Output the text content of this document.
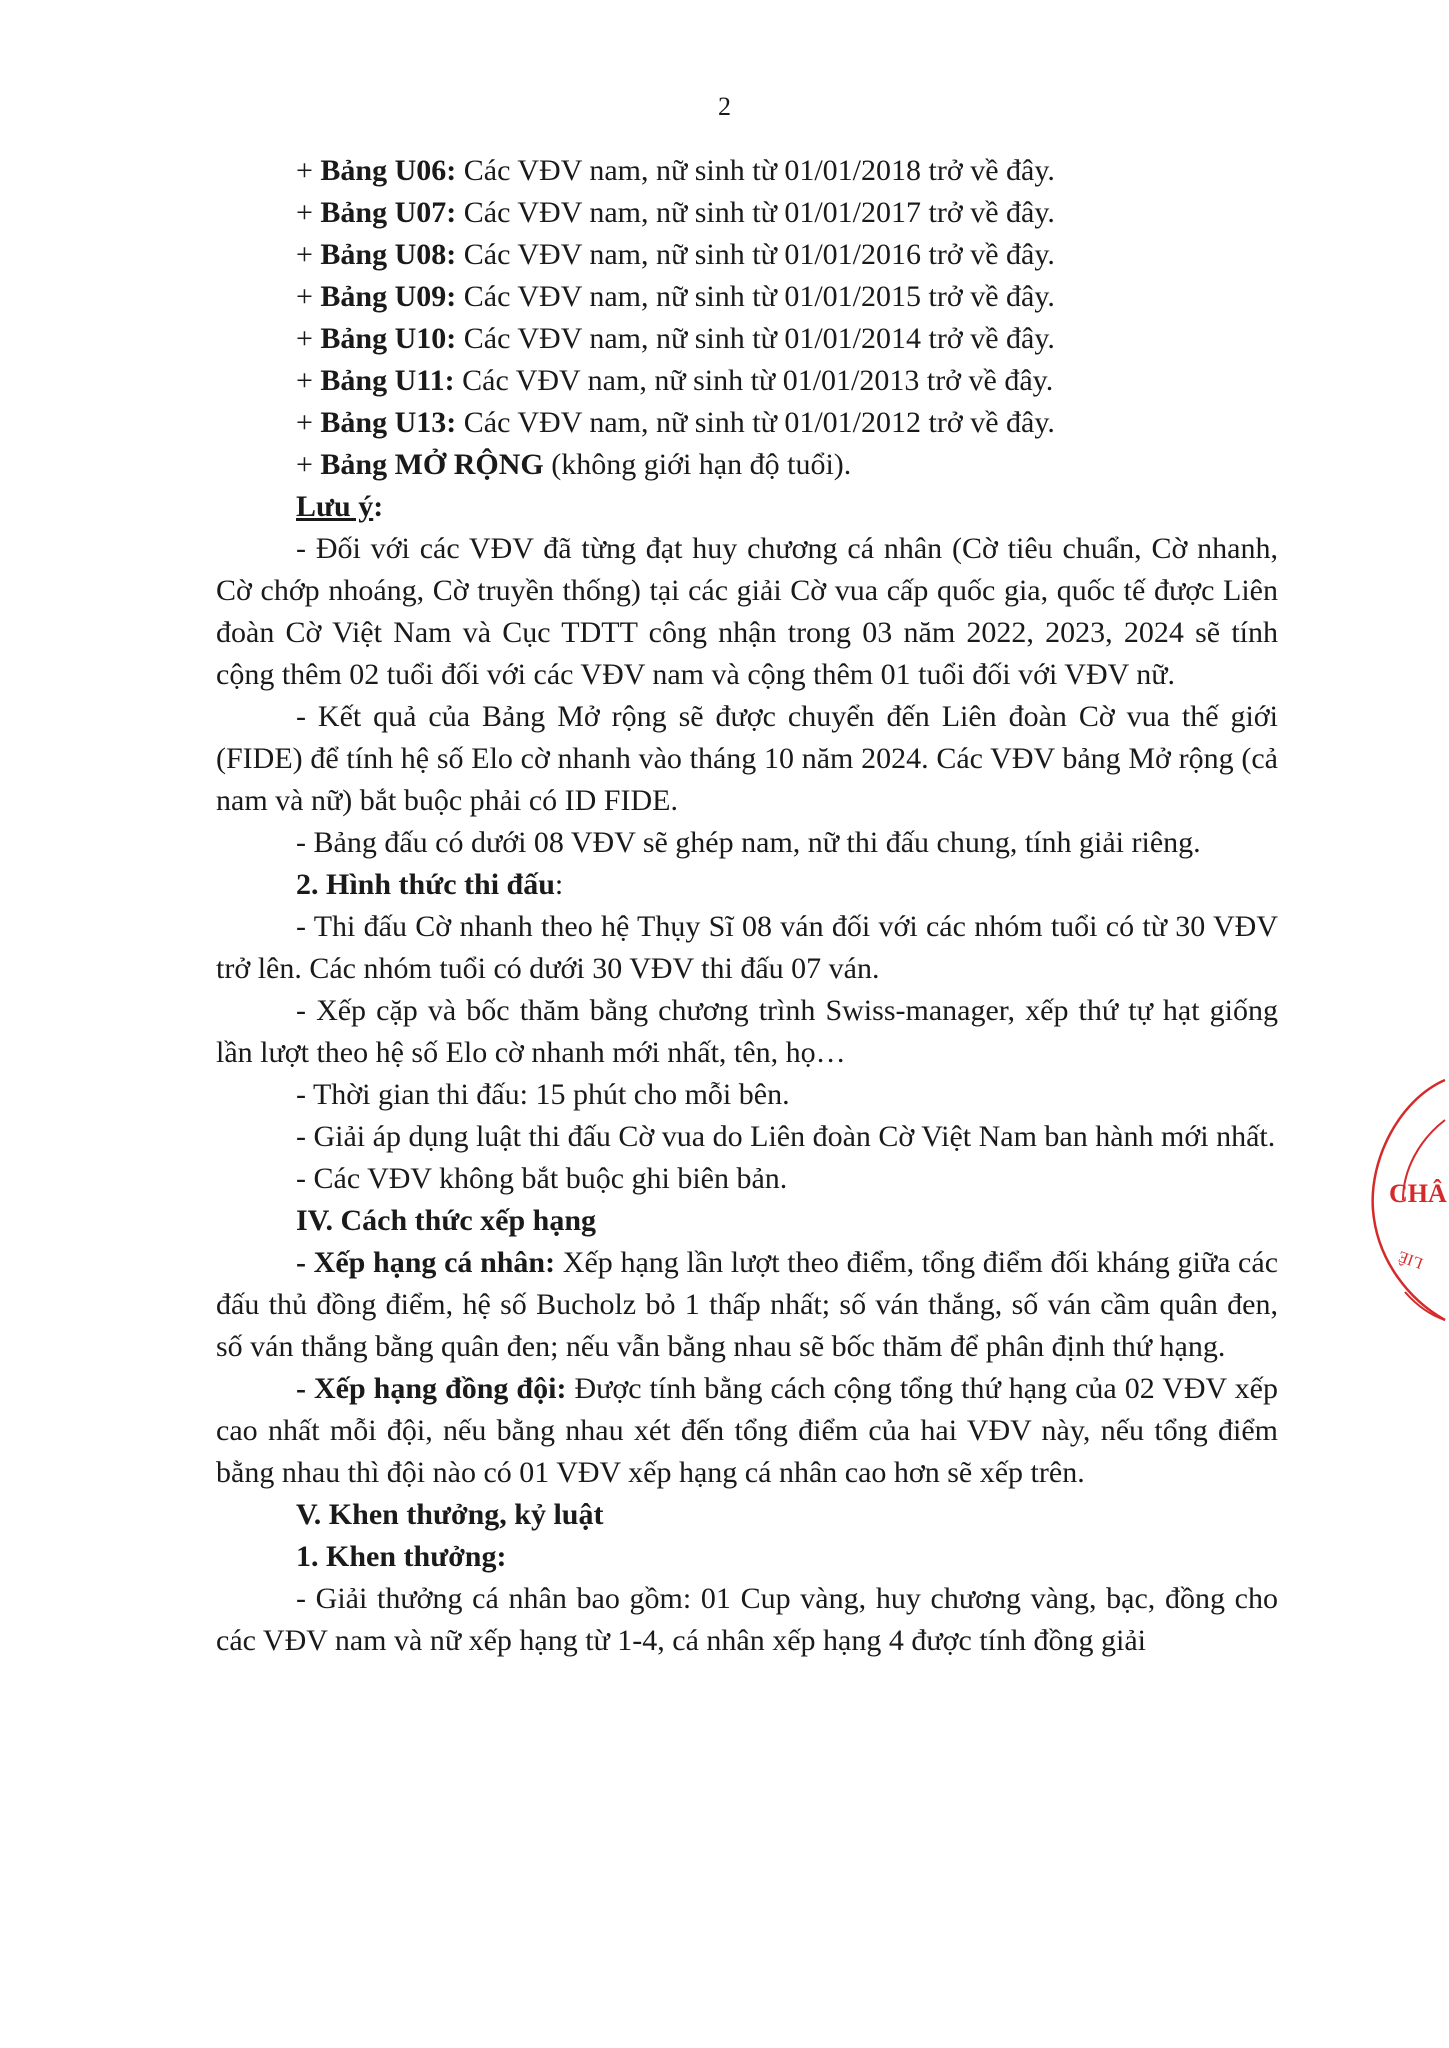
2

+ Bảng U06: Các VĐV nam, nữ sinh từ 01/01/2018 trở về đây.

+ Bảng U07: Các VĐV nam, nữ sinh từ 01/01/2017 trở về đây.

+ Bảng U08: Các VĐV nam, nữ sinh từ 01/01/2016 trở về đây.

+ Bảng U09: Các VĐV nam, nữ sinh từ 01/01/2015 trở về đây.

+ Bảng U10: Các VĐV nam, nữ sinh từ 01/01/2014 trở về đây.

+ Bảng U11: Các VĐV nam, nữ sinh từ 01/01/2013 trở về đây.

+ Bảng U13: Các VĐV nam, nữ sinh từ 01/01/2012 trở về đây.

+ Bảng MỞ RỘNG (không giới hạn độ tuổi).

Lưu ý:

- Đối với các VĐV đã từng đạt huy chương cá nhân (Cờ tiêu chuẩn, Cờ nhanh, Cờ chớp nhoáng, Cờ truyền thống) tại các giải Cờ vua cấp quốc gia, quốc tế được Liên đoàn Cờ Việt Nam và Cục TDTT công nhận trong 03 năm 2022, 2023, 2024 sẽ tính cộng thêm 02 tuổi đối với các VĐV nam và cộng thêm 01 tuổi đối với VĐV nữ.

- Kết quả của Bảng Mở rộng sẽ được chuyển đến Liên đoàn Cờ vua thế giới (FIDE) để tính hệ số Elo cờ nhanh vào tháng 10 năm 2024. Các VĐV bảng Mở rộng (cả nam và nữ) bắt buộc phải có ID FIDE.

- Bảng đấu có dưới 08 VĐV sẽ ghép nam, nữ thi đấu chung, tính giải riêng.

2. Hình thức thi đấu:

- Thi đấu Cờ nhanh theo hệ Thụy Sĩ 08 ván đối với các nhóm tuổi có từ 30 VĐV trở lên. Các nhóm tuổi có dưới 30 VĐV thi đấu 07 ván.

- Xếp cặp và bốc thăm bằng chương trình Swiss-manager, xếp thứ tự hạt giống lần lượt theo hệ số Elo cờ nhanh mới nhất, tên, họ…

- Thời gian thi đấu: 15 phút cho mỗi bên.

- Giải áp dụng luật thi đấu Cờ vua do Liên đoàn Cờ Việt Nam ban hành mới nhất.

- Các VĐV không bắt buộc ghi biên bản.

IV. Cách thức xếp hạng

- Xếp hạng cá nhân: Xếp hạng lần lượt theo điểm, tổng điểm đối kháng giữa các đấu thủ đồng điểm, hệ số Bucholz bỏ 1 thấp nhất; số ván thắng, số ván cầm quân đen, số ván thắng bằng quân đen; nếu vẫn bằng nhau sẽ bốc thăm để phân định thứ hạng.

- Xếp hạng đồng đội: Được tính bằng cách cộng tổng thứ hạng của 02 VĐV xếp cao nhất mỗi đội, nếu bằng nhau xét đến tổng điểm của hai VĐV này, nếu tổng điểm bằng nhau thì đội nào có 01 VĐV xếp hạng cá nhân cao hơn sẽ xếp trên.

V. Khen thưởng, kỷ luật

1. Khen thưởng:

- Giải thưởng cá nhân bao gồm: 01 Cup vàng, huy chương vàng, bạc, đồng cho các VĐV nam và nữ xếp hạng từ 1-4, cá nhân xếp hạng 4 được tính đồng giải

CHÂ
LIÊ
